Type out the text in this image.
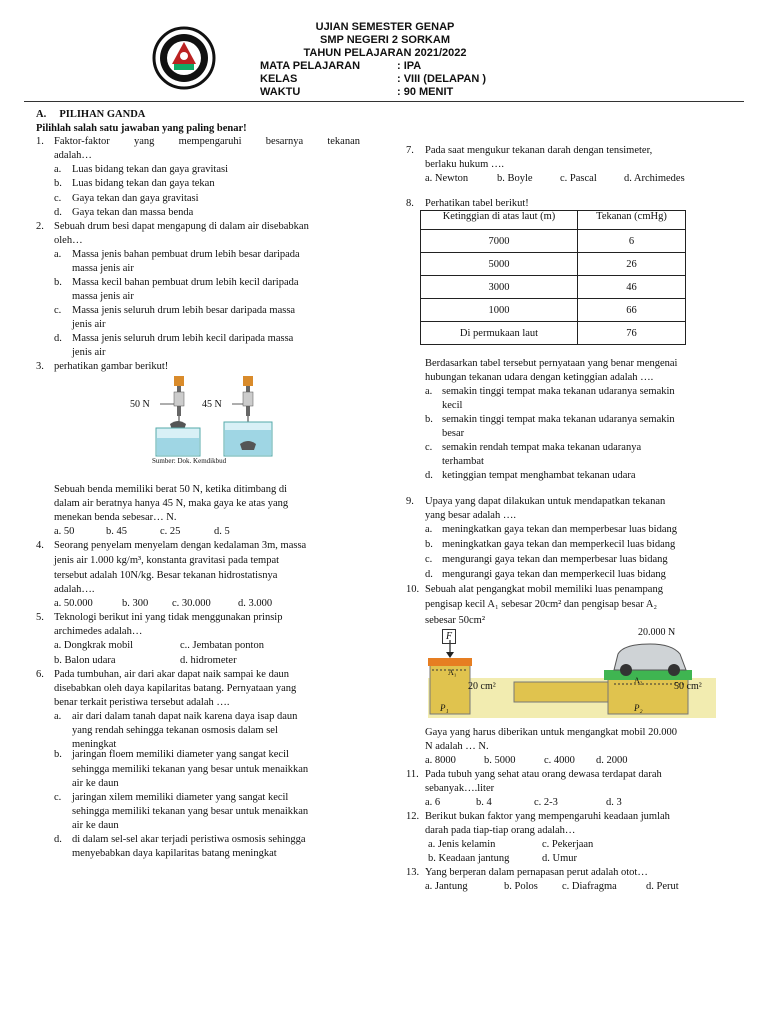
UJIAN SEMESTER GENAP
SMP NEGERI 2 SORKAM
TAHUN PELAJARAN 2021/2022
MATA PELAJARAN	: IPA
KELAS	: VIII (DELAPAN )
WAKTU	: 90 MENIT
A.     PILIHAN GANDA
Pilihlah salah satu jawaban yang paling benar!
1. Faktor-faktor yang mempengaruhi besarnya tekanan
adalah…
a. Luas bidang tekan dan gaya gravitasi
b. Luas bidang tekan dan gaya tekan
c. Gaya tekan dan gaya gravitasi
d. Gaya tekan dan massa benda
2. Sebuah drum besi dapat mengapung di dalam air disebabkan
oleh…
a. Massa jenis bahan pembuat drum lebih besar daripada
massa jenis air
b. Massa kecil bahan pembuat drum lebih kecil daripada
massa jenis air
c. Massa jenis seluruh drum lebih besar daripada massa
jenis air
d. Massa jenis seluruh drum lebih kecil daripada massa
jenis air
3. perhatikan gambar berikut!
50 N	45 N
Sumber: Dok. Kemdikbud
Sebuah benda memiliki berat 50 N, ketika ditimbang di
dalam air beratnya hanya 45 N, maka gaya ke atas yang
menekan benda sebesar… N.
a. 50	b. 45	c. 25	d. 5
4. Seorang penyelam menyelam dengan kedalaman 3m, massa
jenis air 1.000 kg/m³, konstanta gravitasi pada tempat
tersebut adalah 10N/kg. Besar tekanan hidrostatisnya
adalah….
a. 50.000	b. 300 c. 30.000	d. 3.000
5. Teknologi berikut ini yang tidak menggunakan prinsip
archimedes adalah…
a. Dongkrak mobil	c.. Jembatan ponton
b. Balon udara	d. hidrometer
6. Pada tumbuhan, air dari akar dapat naik sampai ke daun
disebabkan oleh daya kapilaritas batang. Pernyataan yang
benar terkait peristiwa tersebut adalah ….
a. air dari dalam tanah dapat naik karena daya isap daun
yang rendah sehingga tekanan osmosis dalam sel
meningkat
b. jaringan floem memiliki diameter yang sangat kecil
sehingga memiliki tekanan yang besar untuk menaikkan
air ke daun
c. jaringan xilem memiliki diameter yang sangat kecil
sehingga memiliki tekanan yang besar untuk menaikkan
air ke daun
d. di dalam sel-sel akar terjadi peristiwa osmosis sehingga
menyebabkan daya kapilaritas batang meningkat
7. Pada saat mengukur tekanan darah dengan tensimeter,
berlaku hukum ….
a. Newton	b. Boyle	c. Pascal	d. Archimedes
8. Perhatikan tabel berikut!
Ketinggian di atas laut (m)	Tekanan (cmHg)
7000	6
5000	26
3000	46
1000	66
Di permukaan laut	76
Berdasarkan tabel tersebut pernyataan yang benar mengenai
hubungan tekanan udara dengan ketinggian adalah ….
a. semakin tinggi tempat maka tekanan udaranya semakin
kecil
b. semakin tinggi tempat maka tekanan udaranya semakin
besar
c. semakin rendah tempat maka tekanan udaranya
terhambat
d. ketinggian tempat menghambat tekanan udara
9. Upaya yang dapat dilakukan untuk mendapatkan tekanan
yang besar adalah ….
a. meningkatkan gaya tekan dan memperbesar luas bidang
b. meningkatkan gaya tekan dan memperkecil luas bidang
c. mengurangi gaya tekan dan memperbesar luas bidang
d. mengurangi gaya tekan dan memperkecil luas bidang
10. Sebuah alat pengangkat mobil memiliki luas penampang
pengisap kecil A₁ sebesar 20cm² dan pengisap besar A₂
sebesar 50cm²
F	20.000 N
A₁
A₂
20 cm²	50 cm²
P₁	P₂
Gaya yang harus diberikan untuk mengangkat mobil 20.000
N adalah … N.
a. 8000	b. 5000	c. 4000 d. 2000
11. Pada tubuh yang sehat atau orang dewasa terdapat darah
sebanyak….liter
a. 6	b. 4	c. 2-3	d. 3
12. Berikut bukan faktor yang mempengaruhi keadaan jumlah
darah pada tiap-tiap orang adalah…
a. Jenis kelamin	c. Pekerjaan
b. Keadaan jantung	d. Umur
13. Yang berperan dalam pernapasan perut adalah otot…
a. Jantung	b. Polos c. Diafragma	d. Perut
